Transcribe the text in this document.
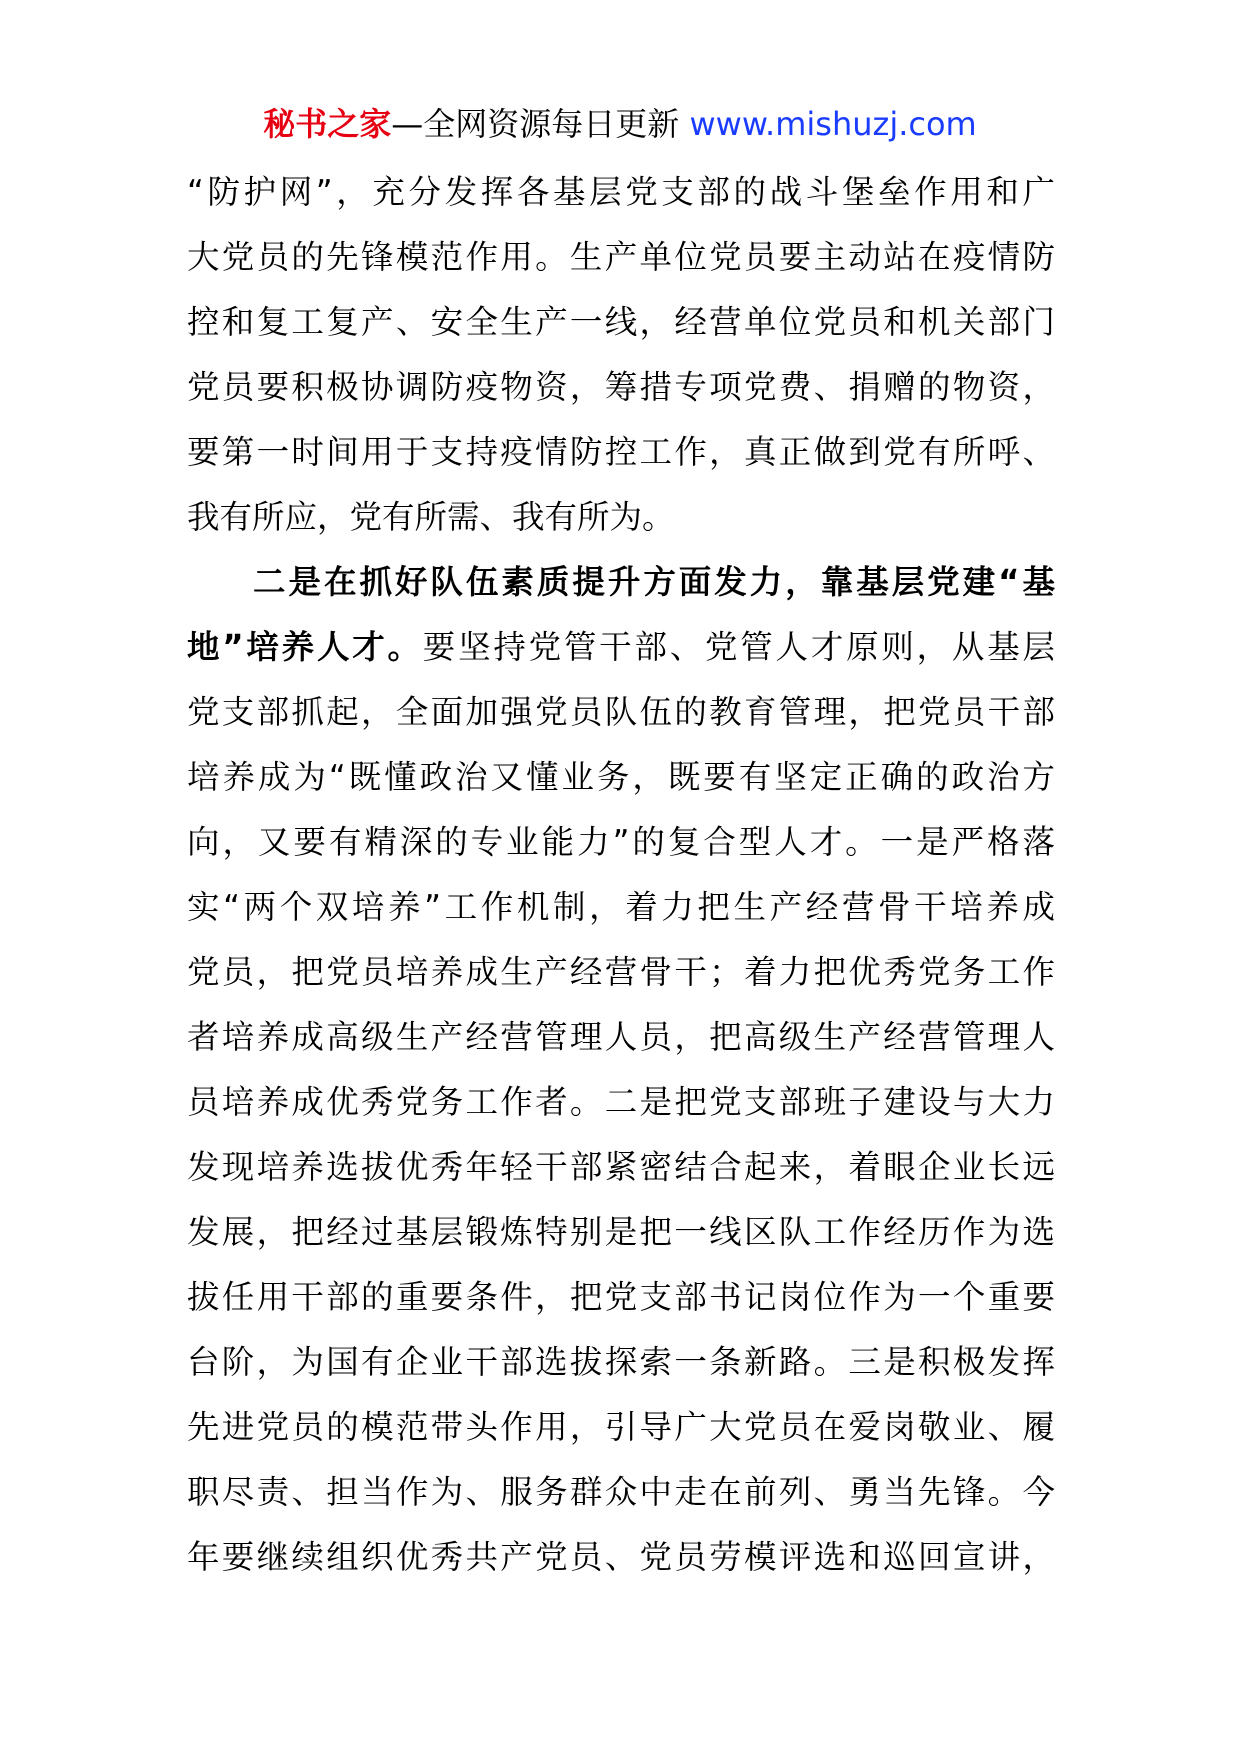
秘书之家—全网资源每日更新 www.mishuzj.com
“防护网”，充分发挥各基层党支部的战斗堡垒作用和广
大党员的先锋模范作用。生产单位党员要主动站在疫情防
控和复工复产、安全生产一线，经营单位党员和机关部门
党员要积极协调防疫物资，筹措专项党费、捐赠的物资，
要第一时间用于支持疫情防控工作，真正做到党有所呼、
我有所应，党有所需、我有所为。
二是在抓好队伍素质提升方面发力，靠基层党建“基
地”培养人才。要坚持党管干部、党管人才原则，从基层
党支部抓起，全面加强党员队伍的教育管理，把党员干部
培养成为“既懂政治又懂业务，既要有坚定正确的政治方
向，又要有精深的专业能力”的复合型人才。一是严格落
实“两个双培养”工作机制，着力把生产经营骨干培养成
党员，把党员培养成生产经营骨干；着力把优秀党务工作
者培养成高级生产经营管理人员，把高级生产经营管理人
员培养成优秀党务工作者。二是把党支部班子建设与大力
发现培养选拔优秀年轻干部紧密结合起来，着眼企业长远
发展，把经过基层锻炼特别是把一线区队工作经历作为选
拔任用干部的重要条件，把党支部书记岗位作为一个重要
台阶，为国有企业干部选拔探索一条新路。三是积极发挥
先进党员的模范带头作用，引导广大党员在爱岗敬业、履
职尽责、担当作为、服务群众中走在前列、勇当先锋。今
年要继续组织优秀共产党员、党员劳模评选和巡回宣讲，
